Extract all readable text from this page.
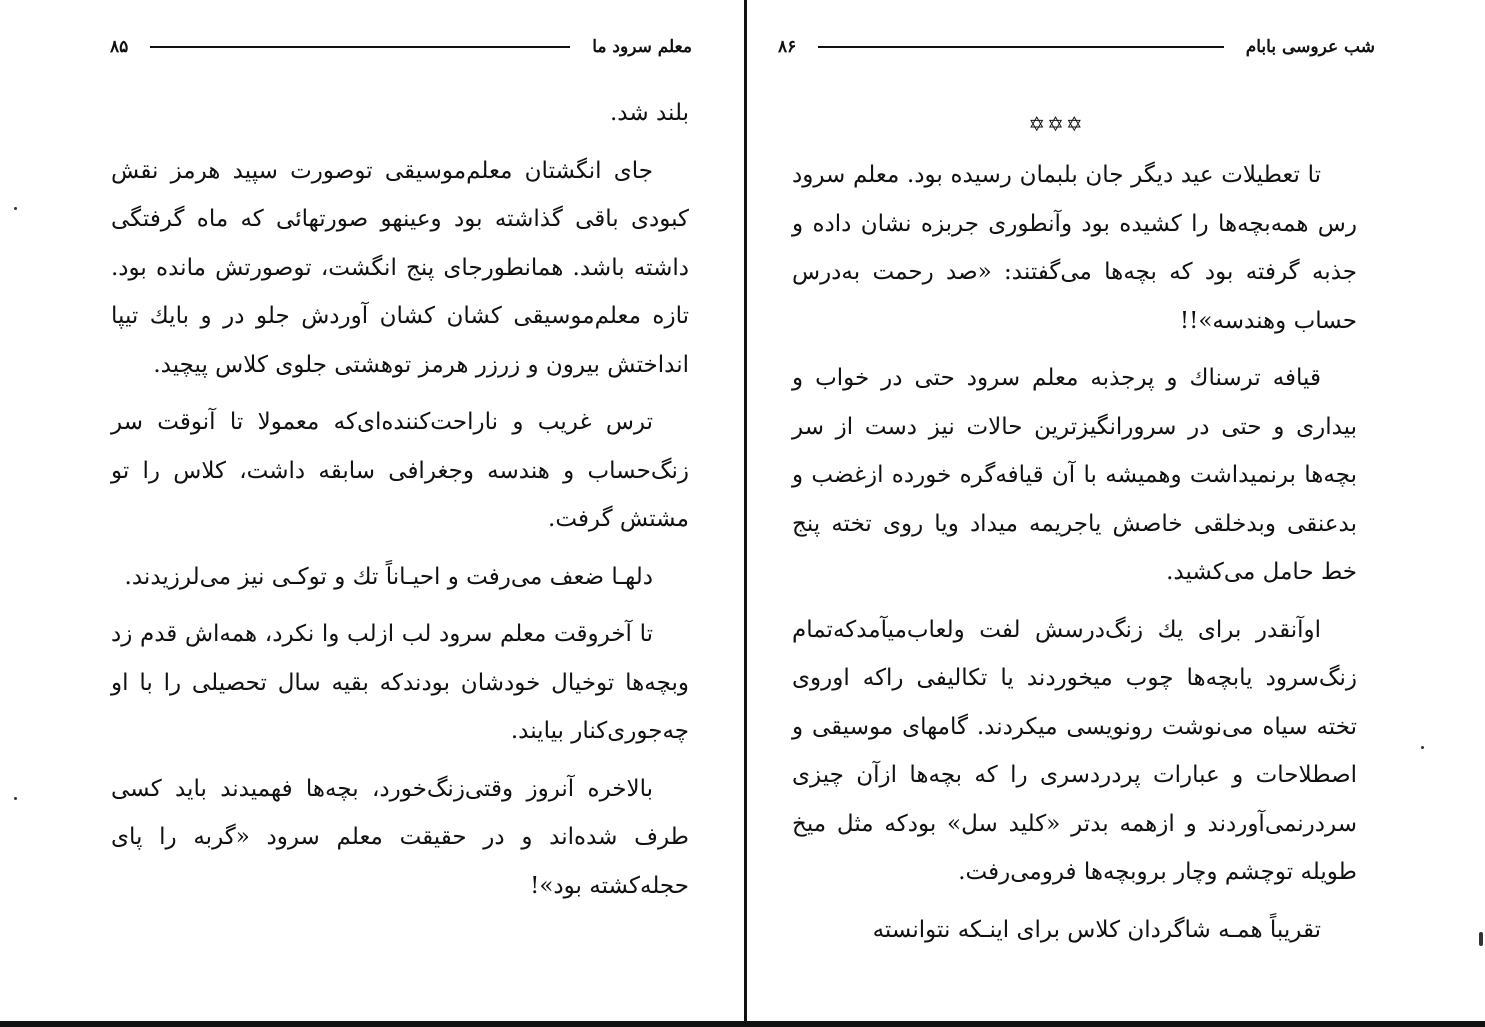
معلم سرود ما
۸۵

بلند شد.

جای انگشتان معلم‌موسیقی توصورت سپید هرمز نقش کبودی باقی گذاشته بود وعینهو صورتهائی که ماه گرفتگی داشته باشد. همانطورجای پنج انگشت، توصورتش مانده بود. تازه معلم‌موسیقی کشان کشان آوردش جلو در و بایك تیپا انداختش بیرون و زرزر هرمز توهشتی جلوی کلاس پیچید.

ترس غریب و ناراحت‌کننده‌ای‌که معمولا تا آنوقت سر زنگ‌حساب و هندسه وجغرافی سابقه داشت، کلاس را تو مشتش گرفت.

دلهـا ضعف می‌رفت و احیـاناً تك و توکـی نیز می‌لرزیدند.

تا آخروقت معلم سرود لب ازلب وا نکرد، همه‌اش قدم زد وبچه‌ها توخیال خودشان بودندکه بقیه سال تحصیلی را با او چه‌جوری‌کنار بیایند.

بالاخره آنروز وقتی‌زنگ‌خورد، بچه‌ها فهمیدند باید کسی طرف شده‌اند و در حقیقت معلم سرود «گربه را پای حجله‌کشته بود»!

شب عروسی بابام
۸۶
✡✡✡

تا تعطیلات عید دیگر جان بلبمان رسیده بود. معلم سرود رس همه‌بچه‌ها را کشیده بود وآنطوری جربزه نشان داده و جذبه گرفته بود که بچه‌ها می‌گفتند: «صد رحمت به‌درس حساب وهندسه»!!

قیافه ترسناك و پرجذبه معلم سرود حتی در خواب و بیداری و حتی در سرورانگیزترین حالات نیز دست از سر بچه‌ها برنمیداشت وهمیشه با آن قیافه‌گره خورده ازغضب و بدعنقی وبدخلقی خاصش یاجریمه میداد ویا روی تخته پنج خط حامل می‌کشید.

اوآنقدر برای یك زنگ‌درسش لفت ولعاب‌میآمدکه‌تمام زنگ‌سرود یابچه‌ها چوب میخوردند یا تکالیفی راکه اوروی تخته سیاه می‌نوشت رونویسی میکردند. گامهای موسیقی و اصطلاحات و عبارات پردردسری را که بچه‌ها ازآن چیزی سردرنمی‌آوردند و ازهمه بدتر «کلید سل» بودکه مثل میخ طویله توچشم وچار بروبچه‌ها فرومی‌رفت.

تقریباً همـه شاگردان کلاس برای اینـکه نتوانسته
